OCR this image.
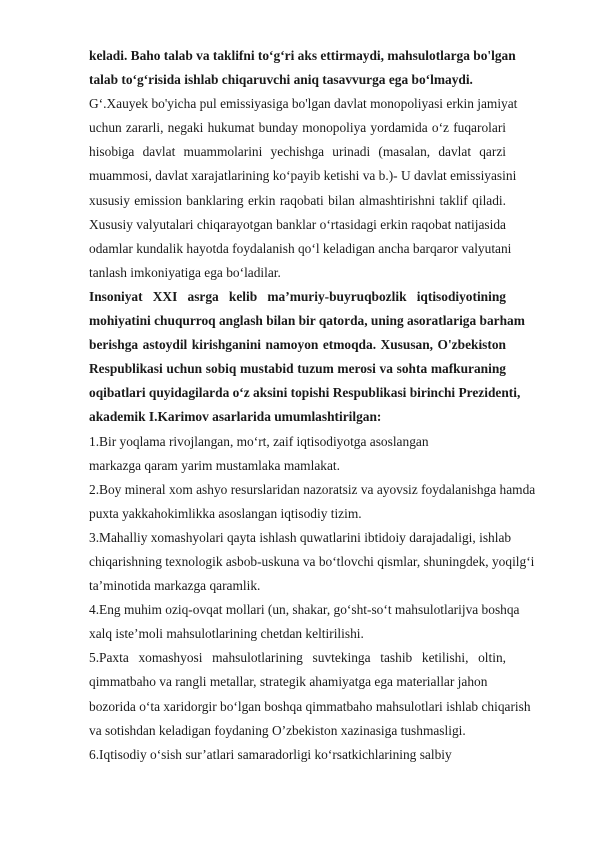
keladi. Baho talab va taklifni to‘g‘ri aks ettirmaydi, mahsulotlarga bo'lgan
talab to‘g‘risida ishlab chiqaruvchi aniq tasavvurga ega bo‘lmaydi.
G‘.Xauyek bo'yicha pul emissiyasiga bo'lgan davlat monopoliyasi erkin jamiyat
uchun zararli, negaki hukumat bunday monopoliya yordamida o‘z fuqarolari
hisobiga davlat muammolarini yechishga urinadi (masalan, davlat qarzi
muammosi, davlat xarajatlarining ko‘payib ketishi va b.)- U davlat emissiyasini
xususiy emission banklaring erkin raqobati bilan almashtirishni taklif qiladi.
Xususiy valyutalari chiqarayotgan banklar o‘rtasidagi erkin raqobat natijasida
odamlar kundalik hayotda foydalanish qo‘l keladigan ancha barqaror valyutani
tanlash imkoniyatiga ega bo‘ladilar.
Insoniyat XXI asrga kelib ma’muriy-buyruqbozlik iqtisodiyotining
mohiyatini chuqurroq anglash bilan bir qatorda, uning asoratlariga barham
berishga astoydil kirishganini namoyon etmoqda. Xususan, O'zbekiston
Respublikasi uchun sobiq mustabid tuzum merosi va sohta mafkuraning
oqibatlari quyidagilarda o‘z aksini topishi Respublikasi birinchi Prezidenti,
akademik I.Karimov asarlarida umumlashtirilgan:
1.Bir yoqlama rivojlangan, mo‘rt, zaif iqtisodiyotga asoslangan
markazga qaram yarim mustamlaka mamlakat.
2.Boy mineral xom ashyo resurslaridan nazoratsiz va ayovsiz foydalanishga hamda
puxta yakkahokimlikka asoslangan iqtisodiy tizim.
3.Mahalliy xomashyolari qayta ishlash quwatlarini ibtidoiy darajadaligi, ishlab
chiqarishning texnologik asbob-uskuna va bo‘tlovchi qismlar, shuningdek, yoqilg‘i
ta’minotida markazga qaramlik.
4.Eng muhim oziq-ovqat mollari (un, shakar, go‘sht-so‘t mahsulotlarijva boshqa
xalq iste’moli mahsulotlarining chetdan keltirilishi.
5.Paxta xomashyosi mahsulotlarining suvtekinga tashib ketilishi, oltin,
qimmatbaho va rangli metallar, strategik ahamiyatga ega materiallar jahon
bozorida o‘ta xaridorgir bo‘lgan boshqa qimmatbaho mahsulotlari ishlab chiqarish
va sotishdan keladigan foydaning O’zbekiston xazinasiga tushmasligi.
6.Iqtisodiy o‘sish sur’atlari samaradorligi ko‘rsatkichlarining salbiy
